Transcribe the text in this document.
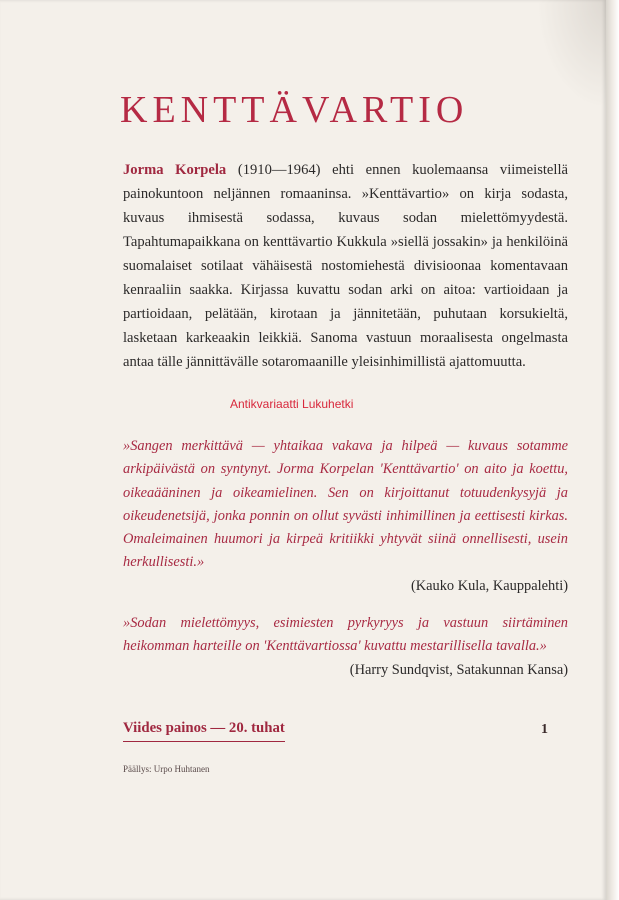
KENTTÄVARTIO

Jorma Korpela (1910—1964) ehti ennen kuolemaansa viimeistellä painokuntoon neljännen romaaninsa. »Kenttävartio» on kirja sodasta, kuvaus ihmisestä sodassa, kuvaus sodan mielettömyydestä. Tapahtumapaikkana on kenttävartio Kukkula »siellä jossakin» ja henkilöinä suomalaiset sotilaat vähäisestä nostomiehestä divisioonaa komentavaan kenraaliin saakka. Kirjassa kuvattu sodan arki on aitoa: vartioidaan ja partioidaan, pelätään, kirotaan ja jännitetään, puhutaan korsukieltä, lasketaan karkeaakin leikkiä. Sanoma vastuun moraalisesta ongelmasta antaa tälle jännittävälle sotaromaanille yleisinhimillistä ajattomuutta.

Antikvariaatti Lukuhetki

»Sangen merkittävä — yhtaikaa vakava ja hilpeä — kuvaus sotamme arkipäivästä on syntynyt. Jorma Korpelan 'Kenttävartio' on aito ja koettu, oikeaääninen ja oikeamielinen. Sen on kirjoittanut totuudenkysyjä ja oikeudenetsijä, jonka ponnin on ollut syvästi inhimillinen ja eettisesti kirkas. Omaleimainen huumori ja kirpeä kritiikki yhtyvät siinä onnellisesti, usein herkullisesti.»

(Kauko Kula, Kauppalehti)

»Sodan mielettömyys, esimiesten pyrkyryys ja vastuun siirtäminen heikomman harteille on 'Kenttävartiossa' kuvattu mestarillisella tavalla.»

(Harry Sundqvist, Satakunnan Kansa)

Viides painos — 20. tuhat	1

Päällys: Urpo Huhtanen
